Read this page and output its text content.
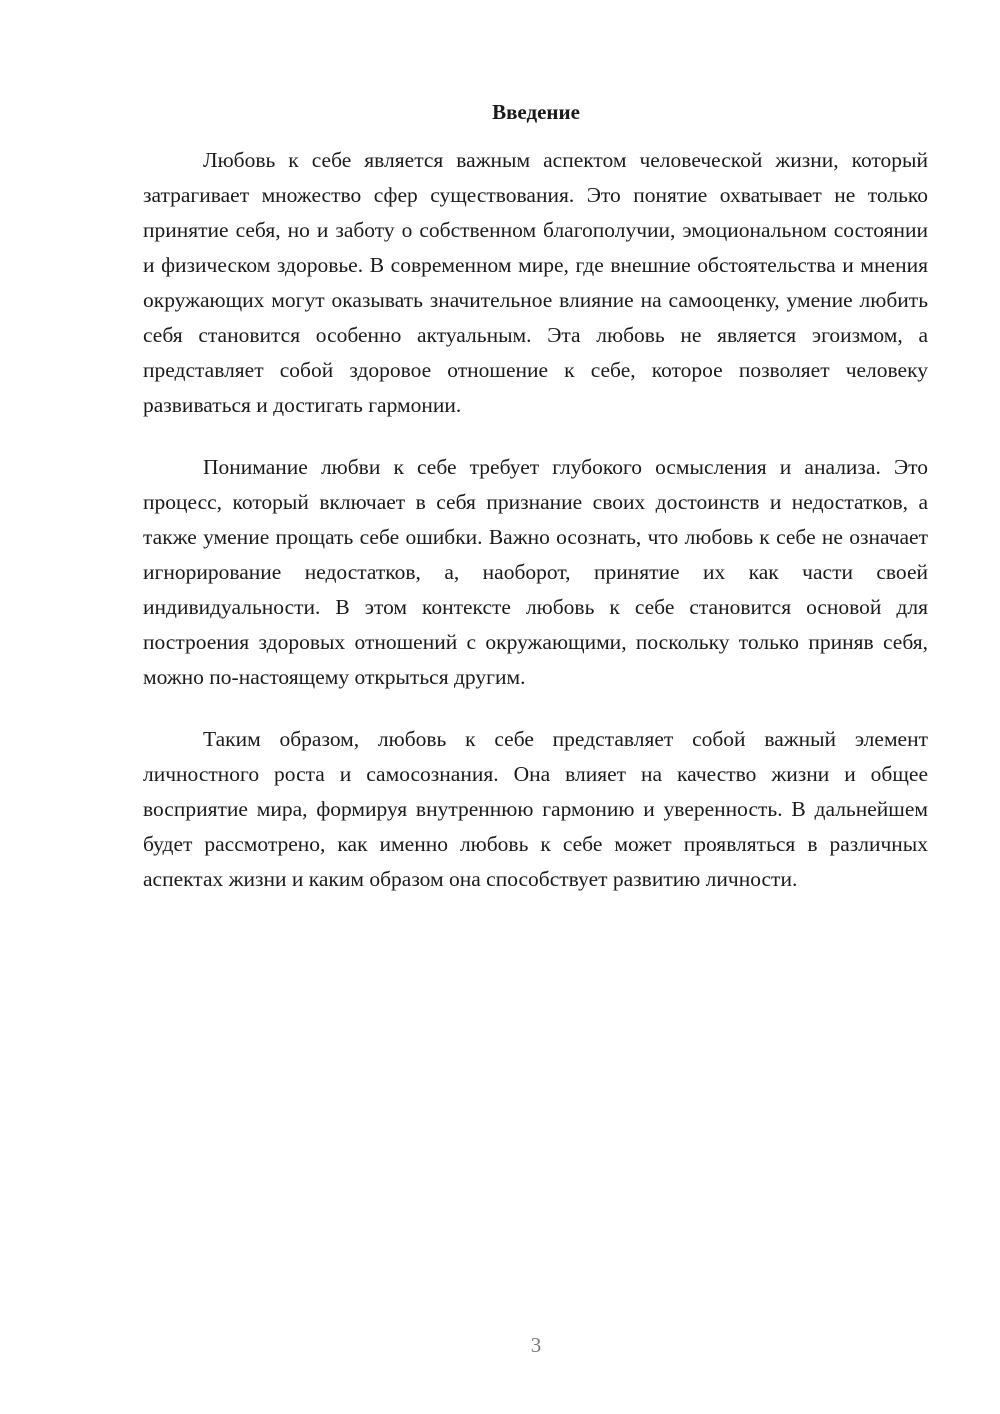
Введение

Любовь к себе является важным аспектом человеческой жизни, который затрагивает множество сфер существования. Это понятие охватывает не только принятие себя, но и заботу о собственном благополучии, эмоциональном состоянии и физическом здоровье. В современном мире, где внешние обстоятельства и мнения окружающих могут оказывать значительное влияние на самооценку, умение любить себя становится особенно актуальным. Эта любовь не является эгоизмом, а представляет собой здоровое отношение к себе, которое позволяет человеку развиваться и достигать гармонии.

Понимание любви к себе требует глубокого осмысления и анализа. Это процесс, который включает в себя признание своих достоинств и недостатков, а также умение прощать себе ошибки. Важно осознать, что любовь к себе не означает игнорирование недостатков, а, наоборот, принятие их как части своей индивидуальности. В этом контексте любовь к себе становится основой для построения здоровых отношений с окружающими, поскольку только приняв себя, можно по-настоящему открыться другим.

Таким образом, любовь к себе представляет собой важный элемент личностного роста и самосознания. Она влияет на качество жизни и общее восприятие мира, формируя внутреннюю гармонию и уверенность. В дальнейшем будет рассмотрено, как именно любовь к себе может проявляться в различных аспектах жизни и каким образом она способствует развитию личности.

3
